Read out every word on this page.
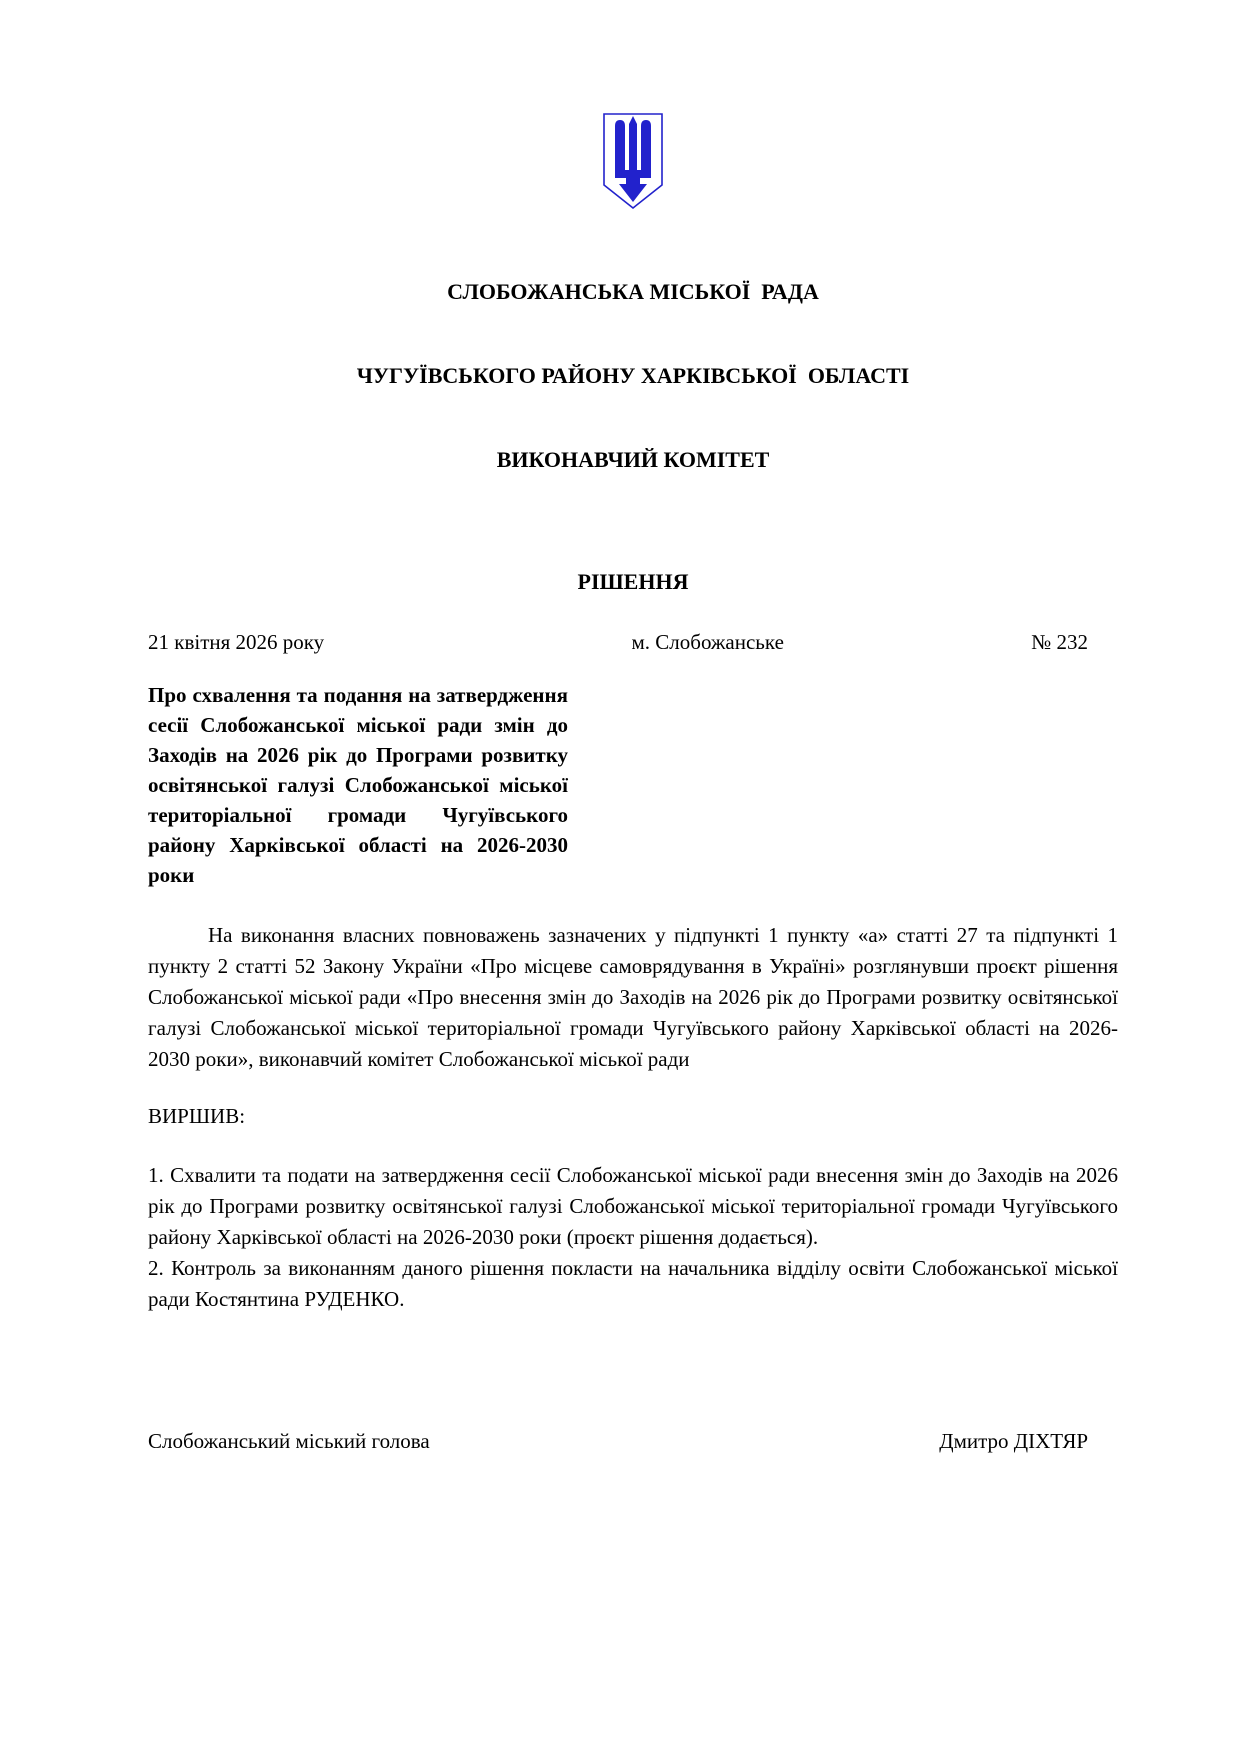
СЛОБОЖАНСЬКА МІСЬКОЇ  РАДА

ЧУГУЇВСЬКОГО РАЙОНУ ХАРКІВСЬКОЇ  ОБЛАСТІ

ВИКОНАВЧИЙ КОМІТЕТ

РІШЕННЯ
21 квітня 2026 року	м. Слобожанське	№ 232
Про схвалення та подання на затвердження сесії Слобожанської міської ради змін до Заходів на 2026 рік до Програми розвитку освітянської галузі Слобожанської міської територіальної громади Чугуївського району Харківської області на 2026-2030 роки
На виконання власних повноважень зазначених у підпункті 1 пункту «а» статті 27 та підпункті 1 пункту 2 статті 52 Закону України «Про місцеве самоврядування в Україні» розглянувши проєкт рішення Слобожанської міської ради «Про внесення змін до Заходів на 2026 рік до Програми розвитку освітянської галузі Слобожанської міської територіальної громади Чугуївського району Харківської області на 2026-2030 роки», виконавчий комітет Слобожанської міської ради
ВИРШИВ:

1. Схвалити та подати на затвердження сесії Слобожанської міської ради внесення змін до Заходів на 2026 рік до Програми розвитку освітянської галузі Слобожанської міської територіальної громади Чугуївського району Харківської області на 2026-2030 роки (проєкт рішення додається).

2. Контроль за виконанням даного рішення покласти на начальника відділу освіти Слобожанської міської ради Костянтина РУДЕНКО.

Слобожанський міський голова	Дмитро ДІХТЯР
